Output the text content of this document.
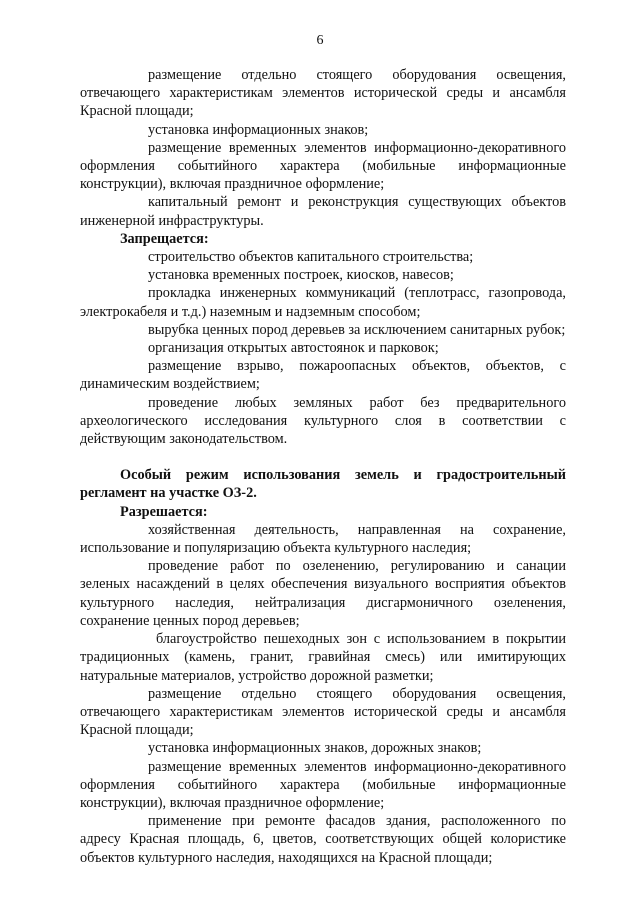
6

размещение отдельно стоящего оборудования освещения, отвечающего характеристикам элементов исторической среды и ансамбля Красной площади;

установка информационных знаков;

размещение временных элементов информационно-декоративного оформления событийного характера (мобильные информационные конструкции), включая праздничное оформление;

капитальный ремонт и реконструкция существующих объектов инженерной инфраструктуры.

Запрещается:

строительство объектов капитального строительства;

установка временных построек, киосков, навесов;

прокладка инженерных коммуникаций (теплотрасс, газопровода, электрокабеля и т.д.) наземным и надземным способом;

вырубка ценных пород деревьев за исключением санитарных рубок;

организация открытых автостоянок и парковок;

размещение взрыво, пожароопасных объектов, объектов, с динамическим воздействием;

проведение любых земляных работ без предварительного археологического исследования культурного слоя в соответствии с действующим законодательством.

Особый режим использования земель и градостроительный регламент на участке ОЗ-2.

Разрешается:

хозяйственная деятельность, направленная на сохранение, использование и популяризацию объекта культурного наследия;

проведение работ по озеленению, регулированию и санации зеленых насаждений в целях обеспечения визуального восприятия объектов культурного наследия, нейтрализация дисгармоничного озеленения, сохранение ценных пород деревьев;

благоустройство пешеходных зон с использованием в покрытии традиционных (камень, гранит, гравийная смесь) или имитирующих натуральные материалов, устройство дорожной разметки;

размещение отдельно стоящего оборудования освещения, отвечающего характеристикам элементов исторической среды и ансамбля Красной площади;

установка информационных знаков, дорожных знаков;

размещение временных элементов информационно-декоративного оформления событийного характера (мобильные информационные конструкции), включая праздничное оформление;

применение при ремонте фасадов здания, расположенного по адресу Красная площадь, 6, цветов, соответствующих общей колористике объектов культурного наследия, находящихся на Красной площади;
